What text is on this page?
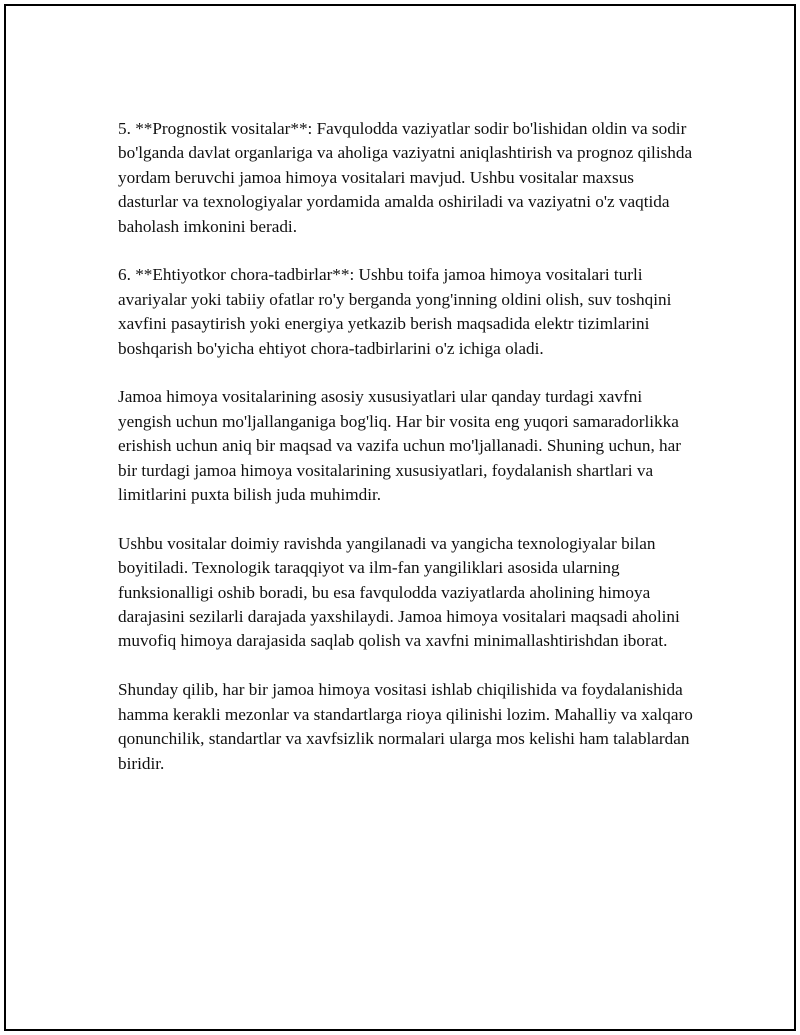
5. **Prognostik vositalar**: Favqulodda vaziyatlar sodir bo'lishidan oldin va sodir bo'lganda davlat organlariga va aholiga vaziyatni aniqlashtirish va prognoz qilishda yordam beruvchi jamoa himoya vositalari mavjud. Ushbu vositalar maxsus dasturlar va texnologiyalar yordamida amalda oshiriladi va vaziyatni o'z vaqtida baholash imkonini beradi.

6. **Ehtiyotkor chora-tadbirlar**: Ushbu toifa jamoa himoya vositalari turli avariyalar yoki tabiiy ofatlar ro'y berganda yong'inning oldini olish, suv toshqini xavfini pasaytirish yoki energiya yetkazib berish maqsadida elektr tizimlarini boshqarish bo'yicha ehtiyot chora-tadbirlarini o'z ichiga oladi.

Jamoa himoya vositalarining asosiy xususiyatlari ular qanday turdagi xavfni yengish uchun mo'ljallanganiga bog'liq. Har bir vosita eng yuqori samaradorlikka erishish uchun aniq bir maqsad va vazifa uchun mo'ljallanadi. Shuning uchun, har bir turdagi jamoa himoya vositalarining xususiyatlari, foydalanish shartlari va limitlarini puxta bilish juda muhimdir.

Ushbu vositalar doimiy ravishda yangilanadi va yangicha texnologiyalar bilan boyitiladi. Texnologik taraqqiyot va ilm-fan yangiliklari asosida ularning funksionalligi oshib boradi, bu esa favqulodda vaziyatlarda aholining himoya darajasini sezilarli darajada yaxshilaydi. Jamoa himoya vositalari maqsadi aholini muvofiq himoya darajasida saqlab qolish va xavfni minimallashtirishdan iborat.

Shunday qilib, har bir jamoa himoya vositasi ishlab chiqilishida va foydalanishida hamma kerakli mezonlar va standartlarga rioya qilinishi lozim. Mahalliy va xalqaro qonunchilik, standartlar va xavfsizlik normalari ularga mos kelishi ham talablardan biridir.
